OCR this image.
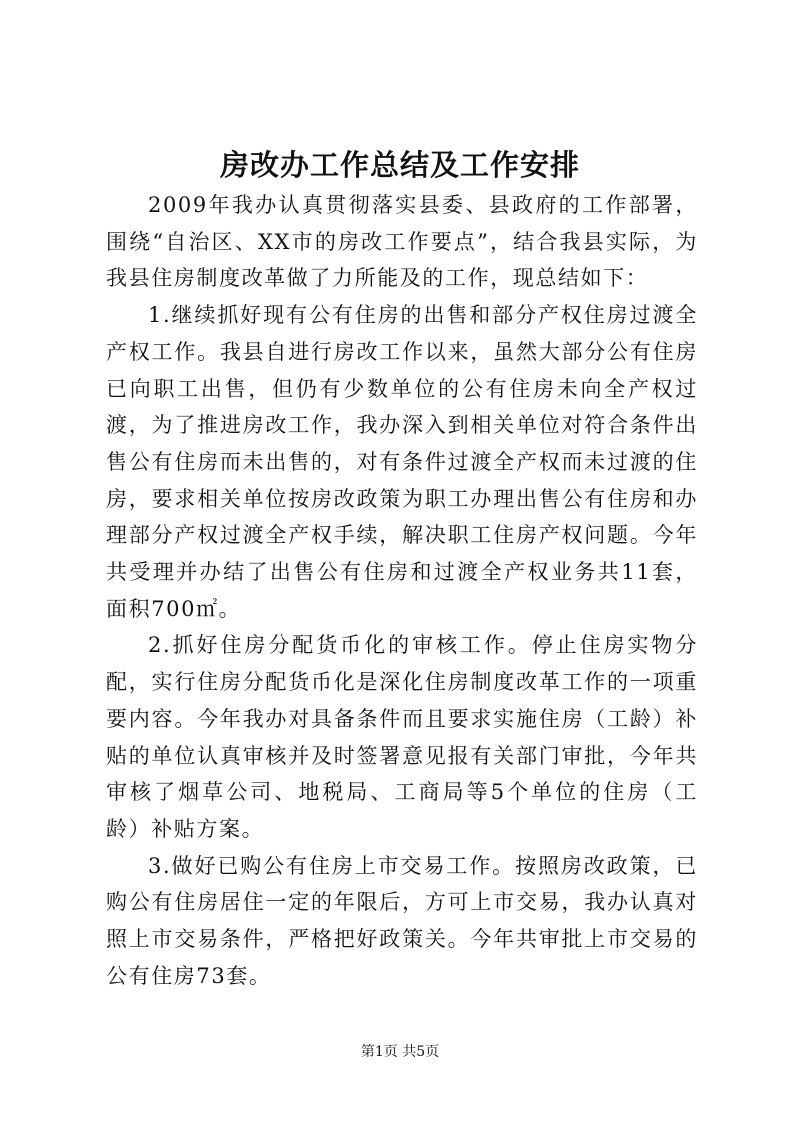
房改办工作总结及工作安排

2009年我办认真贯彻落实县委、县政府的工作部署，围绕“自治区、XX市的房改工作要点”，结合我县实际，为我县住房制度改革做了力所能及的工作，现总结如下：

1.继续抓好现有公有住房的出售和部分产权住房过渡全产权工作。我县自进行房改工作以来，虽然大部分公有住房已向职工出售，但仍有少数单位的公有住房未向全产权过渡，为了推进房改工作，我办深入到相关单位对符合条件出售公有住房而未出售的，对有条件过渡全产权而未过渡的住房，要求相关单位按房改政策为职工办理出售公有住房和办理部分产权过渡全产权手续，解决职工住房产权问题。今年共受理并办结了出售公有住房和过渡全产权业务共11套，面积700㎡。

2.抓好住房分配货币化的审核工作。停止住房实物分配，实行住房分配货币化是深化住房制度改革工作的一项重要内容。今年我办对具备条件而且要求实施住房（工龄）补贴的单位认真审核并及时签署意见报有关部门审批，今年共审核了烟草公司、地税局、工商局等5个单位的住房（工龄）补贴方案。

3.做好已购公有住房上市交易工作。按照房改政策，已购公有住房居住一定的年限后，方可上市交易，我办认真对照上市交易条件，严格把好政策关。今年共审批上市交易的公有住房73套。

第1页 共5页
